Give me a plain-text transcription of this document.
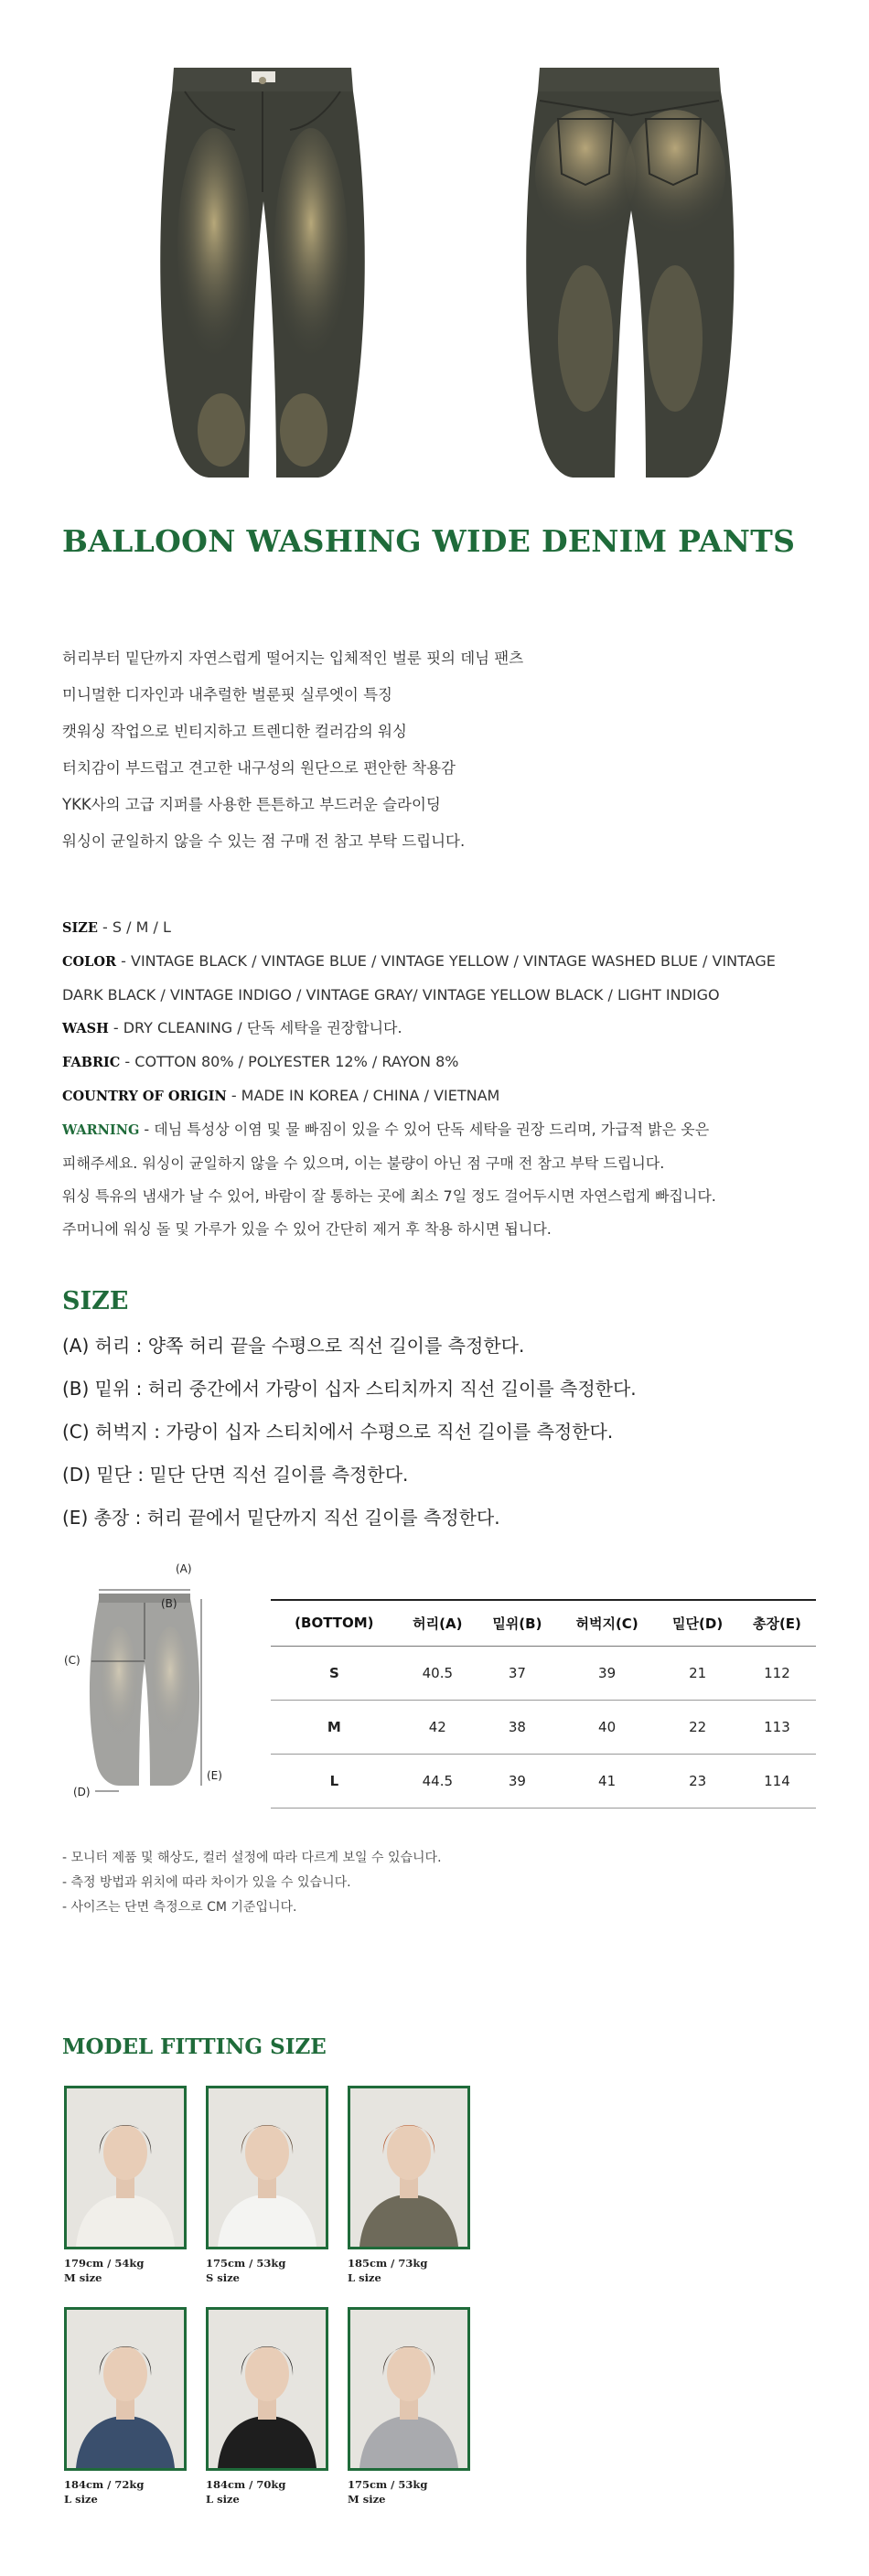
BALLOON WASHING WIDE DENIM PANTS
허리부터 밑단까지 자연스럽게 떨어지는 입체적인 벌룬 핏의 데님 팬츠
미니멀한 디자인과 내추럴한 벌룬핏 실루엣이 특징
캣워싱 작업으로 빈티지하고 트렌디한 컬러감의 워싱
터치감이 부드럽고 견고한 내구성의 원단으로 편안한 착용감
YKK사의 고급 지퍼를 사용한 튼튼하고 부드러운 슬라이딩
워싱이 균일하지 않을 수 있는 점 구매 전 참고 부탁 드립니다.
SIZE - S / M / L
COLOR - VINTAGE BLACK / VINTAGE BLUE / VINTAGE YELLOW / VINTAGE WASHED BLUE / VINTAGE
DARK BLACK / VINTAGE INDIGO / VINTAGE GRAY/ VINTAGE YELLOW BLACK / LIGHT INDIGO
WASH - DRY CLEANING / 단독 세탁을 권장합니다.
FABRIC - COTTON 80% / POLYESTER 12% / RAYON 8%
COUNTRY OF ORIGIN - MADE IN KOREA / CHINA / VIETNAM
WARNING - 데님 특성상 이염 및 물 빠짐이 있을 수 있어 단독 세탁을 권장 드리며, 가급적 밝은 옷은
피해주세요. 워싱이 균일하지 않을 수 있으며, 이는 불량이 아닌 점 구매 전 참고 부탁 드립니다.
워싱 특유의 냄새가 날 수 있어, 바람이 잘 통하는 곳에 최소 7일 정도 걸어두시면 자연스럽게 빠집니다.
주머니에 워싱 돌 및 가루가 있을 수 있어 간단히 제거 후 착용 하시면 됩니다.
SIZE
(A) 허리 : 양쪽 허리 끝을 수평으로 직선 길이를 측정한다.
(B) 밑위 : 허리 중간에서 가랑이 십자 스티치까지 직선 길이를 측정한다.
(C) 허벅지 : 가랑이 십자 스티치에서 수평으로 직선 길이를 측정한다.
(D) 밑단 : 밑단 단면 직선 길이를 측정한다.
(E) 총장 : 허리 끝에서 밑단까지 직선 길이를 측정한다.
(A)
(B)
(C)
(D)
(E)
(BOTTOM)	허리(A)	밑위(B)	허벅지(C)	밑단(D)	총장(E)
S	40.5	37	39	21	112
M	42	38	40	22	113
L	44.5	39	41	23	114
- 모니터 제품 및 해상도, 컬러 설정에 따라 다르게 보일 수 있습니다.
- 측정 방법과 위치에 따라 차이가 있을 수 있습니다.
- 사이즈는 단면 측정으로 CM 기준입니다.
MODEL FITTING SIZE
179cm / 54kg
M size
175cm / 53kg
S size
185cm / 73kg
L size
184cm / 72kg
L size
184cm / 70kg
L size
175cm / 53kg
M size
